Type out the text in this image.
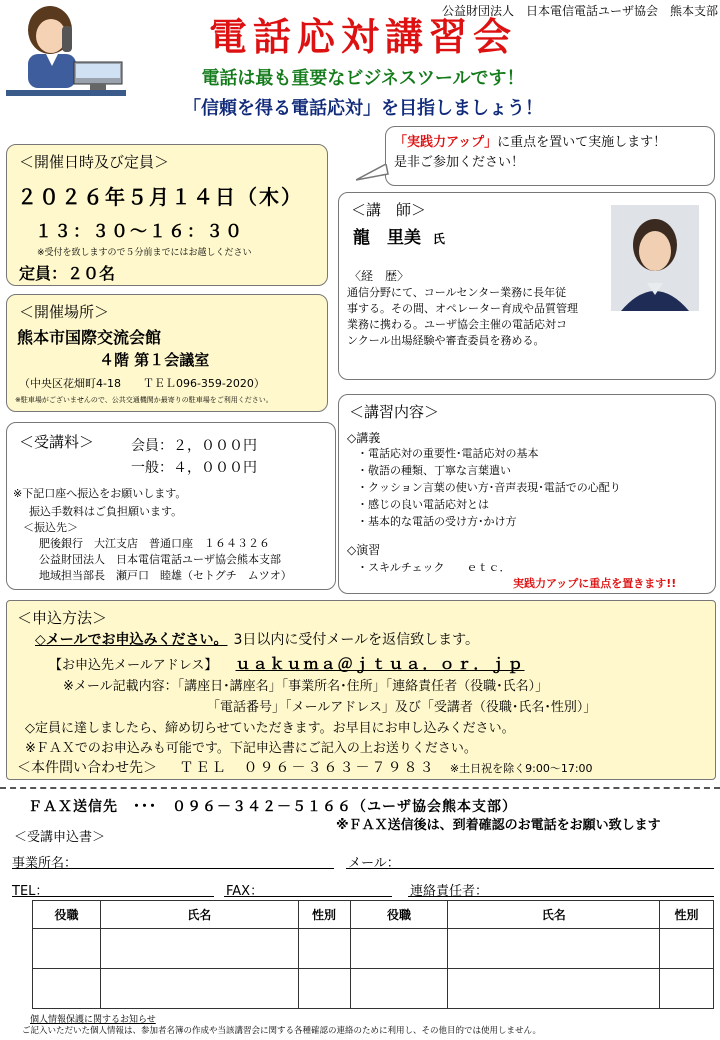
公益財団法人　日本電信電話ユーザ協会　熊本支部
電話応対講習会
電話は最も重要なビジネスツールです！
「信頼を得る電話応対」を目指しましょう！
「実践力アップ」に重点を置いて実施します！
是非ご参加ください！
＜開催日時及び定員＞
２０２６年５月１４日（木）
１３：３０～１６：３０
※受付を致しますので５分前までにはお越しください
定員：２０名
＜開催場所＞
熊本市国際交流会館
４階 第１会議室
（中央区花畑町4-18　　ＴＥＬ096-359-2020）
※駐車場がございませんので、公共交通機関か最寄りの駐車場をご利用ください。
＜講　師＞
龍　里美 氏
〈経　歴〉
通信分野にて、コールセンター業務に長年従
事する。その間、オペレーター育成や品質管理
業務に携わる。ユーザ協会主催の電話応対コ
ンクール出場経験や審査委員を務める。
＜受講料＞	会員：２，０００円
一般：４，０００円
※下記口座へ振込をお願いします。
振込手数料はご負担願います。
＜振込先＞
肥後銀行　大江支店　普通口座　１６４３２６
公益財団法人　日本電信電話ユーザ協会熊本支部
地域担当部長　瀬戸口　睦雄（セトグチ　ムツオ）
＜講習内容＞
◇講義
・電話応対の重要性･電話応対の基本
・敬語の種類、丁寧な言葉遣い
・クッション言葉の使い方･音声表現･電話での心配り
・感じの良い電話応対とは
・基本的な電話の受け方･かけ方
◇演習
・スキルチェック　　ｅｔｃ．
実践力アップに重点を置きます!!
＜申込方法＞
◇メールでお申込みください。 3日以内に受付メールを返信致します。
【お申込先メールアドレス】 ｕａｋｕｍａ＠ｊｔｕａ．ｏｒ．ｊｐ
※メール記載内容：「講座日･講座名」「事業所名･住所」「連絡責任者（役職･氏名）」
「電話番号」「メールアドレス」及び「受講者（役職･氏名･性別）」
◇定員に達しましたら、締め切らせていただきます。お早目にお申し込みください。
※ＦＡＸでのお申込みも可能です。下記申込書にご記入の上お送りください。
＜本件問い合わせ先＞ ＴＥＬ　０９６－３６３－７９８３ ※土日祝を除く9:00～17:00
ＦＡＸ送信先　･･･　０９６－３４２－５１６６（ユーザ協会熊本支部）
※ＦＡＸ送信後は、到着確認のお電話をお願い致します
＜受講申込書＞
事業所名：	メール：
TEL：	FAX：	連絡責任者：
役職	氏名	性別	役職	氏名	性別

個人情報保護に関するお知らせ
ご記入いただいた個人情報は、参加者名簿の作成や当該講習会に関する各種確認の連絡のために利用し、その他目的では使用しません。
